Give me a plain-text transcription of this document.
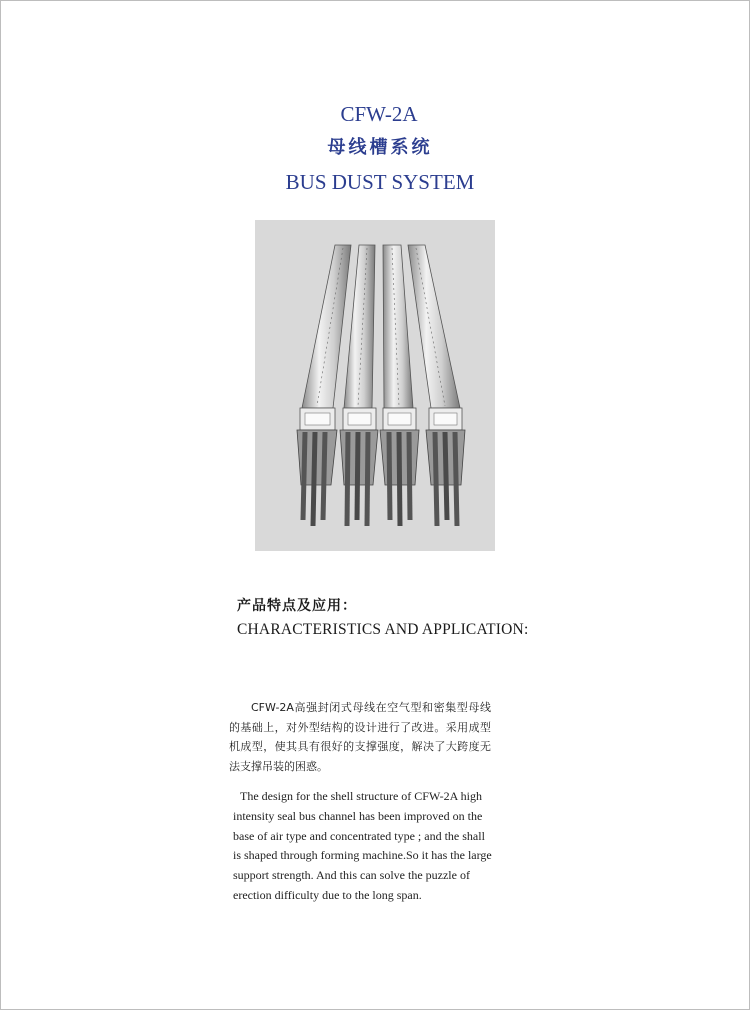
CFW-2A
母线槽系统
BUS DUST SYSTEM
产品特点及应用：
CHARACTERISTICS AND APPLICATION:

CFW-2A高强封闭式母线在空气型和密集型母线的基础上，对外型结构的设计进行了改进。采用成型机成型，使其具有很好的支撑强度，解决了大跨度无法支撑吊装的困惑。

The design for the shell structure of CFW-2A high intensity seal bus channel has been improved on the base of air type and concentrated type ; and the shall is shaped through forming machine.So it has the large support strength. And this can solve the puzzle of erection difficulty due to the long span.
